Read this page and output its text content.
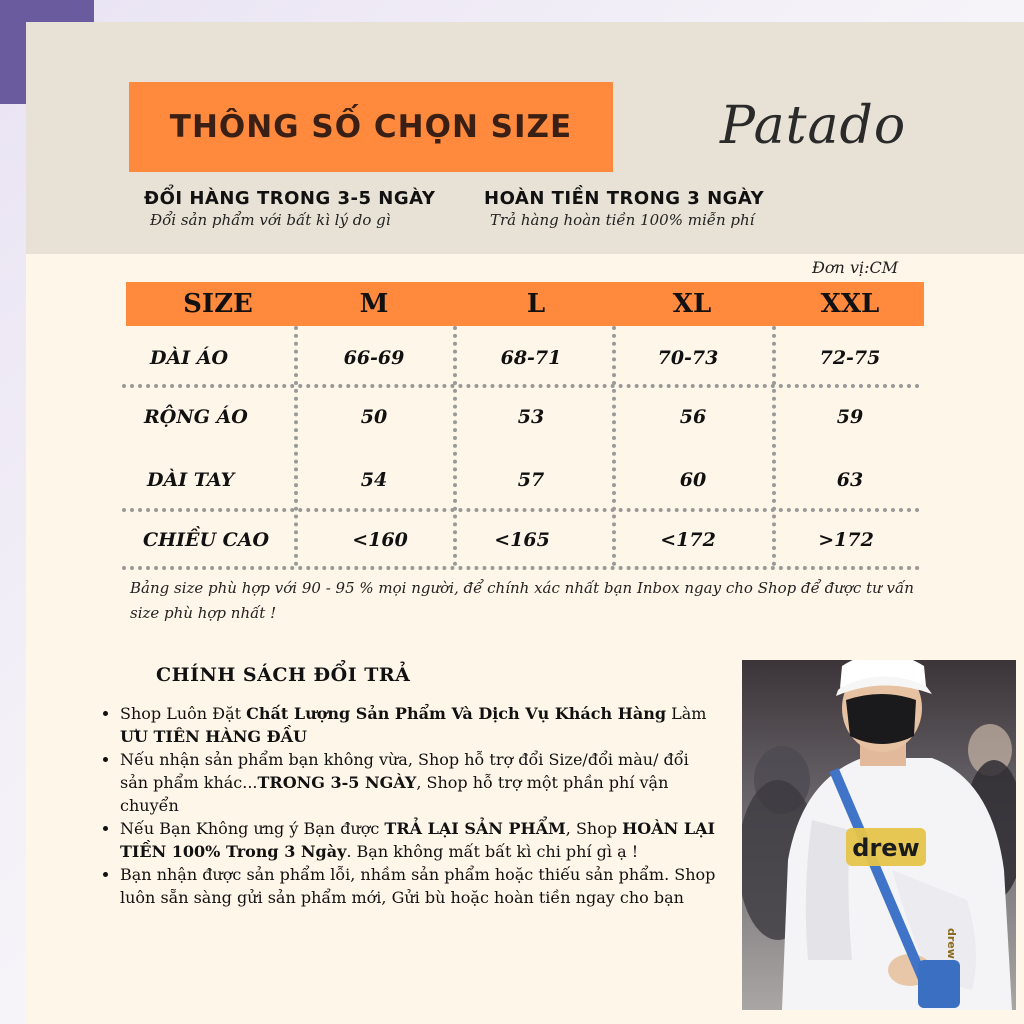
THÔNG SỐ CHỌN SIZE	Patado
ĐỔI HÀNG TRONG 3-5 NGÀY
Đổi sản phẩm với bất kì lý do gì
HOÀN TIỀN TRONG 3 NGÀY
Trả hàng hoàn tiền 100% miễn phí
Đơn vị:CM
SIZE	M	L	XL	XXL
DÀI ÁO	66-69	68-71	70-73	72-75
RỘNG ÁO	50	53	56	59
DÀI TAY	54	57	60	63
CHIỀU CAO	<160	<165	<172	>172
Bảng size phù hợp với 90 - 95 % mọi người, để chính xác nhất bạn Inbox ngay cho Shop để được tư vấn size phù hợp nhất !
CHÍNH SÁCH ĐỔI TRẢ
• Shop Luôn Đặt Chất Lượng Sản Phẩm Và Dịch Vụ Khách Hàng Làm ƯU TIÊN HÀNG ĐẦU
• Nếu nhận sản phẩm bạn không vừa, Shop hỗ trợ đổi Size/đổi màu/ đổi sản phẩm khác...TRONG 3-5 NGÀY, Shop hỗ trợ một phần phí vận chuyển
• Nếu Bạn Không ưng ý Bạn được TRẢ LẠI SẢN PHẨM, Shop HOÀN LẠI TIỀN 100% Trong 3 Ngày. Bạn không mất bất kì chi phí gì ạ !
• Bạn nhận được sản phẩm lỗi, nhầm sản phẩm hoặc thiếu sản phẩm. Shop luôn sẵn sàng gửi sản phẩm mới, Gửi bù hoặc hoàn tiền ngay cho bạn
drew
drew
